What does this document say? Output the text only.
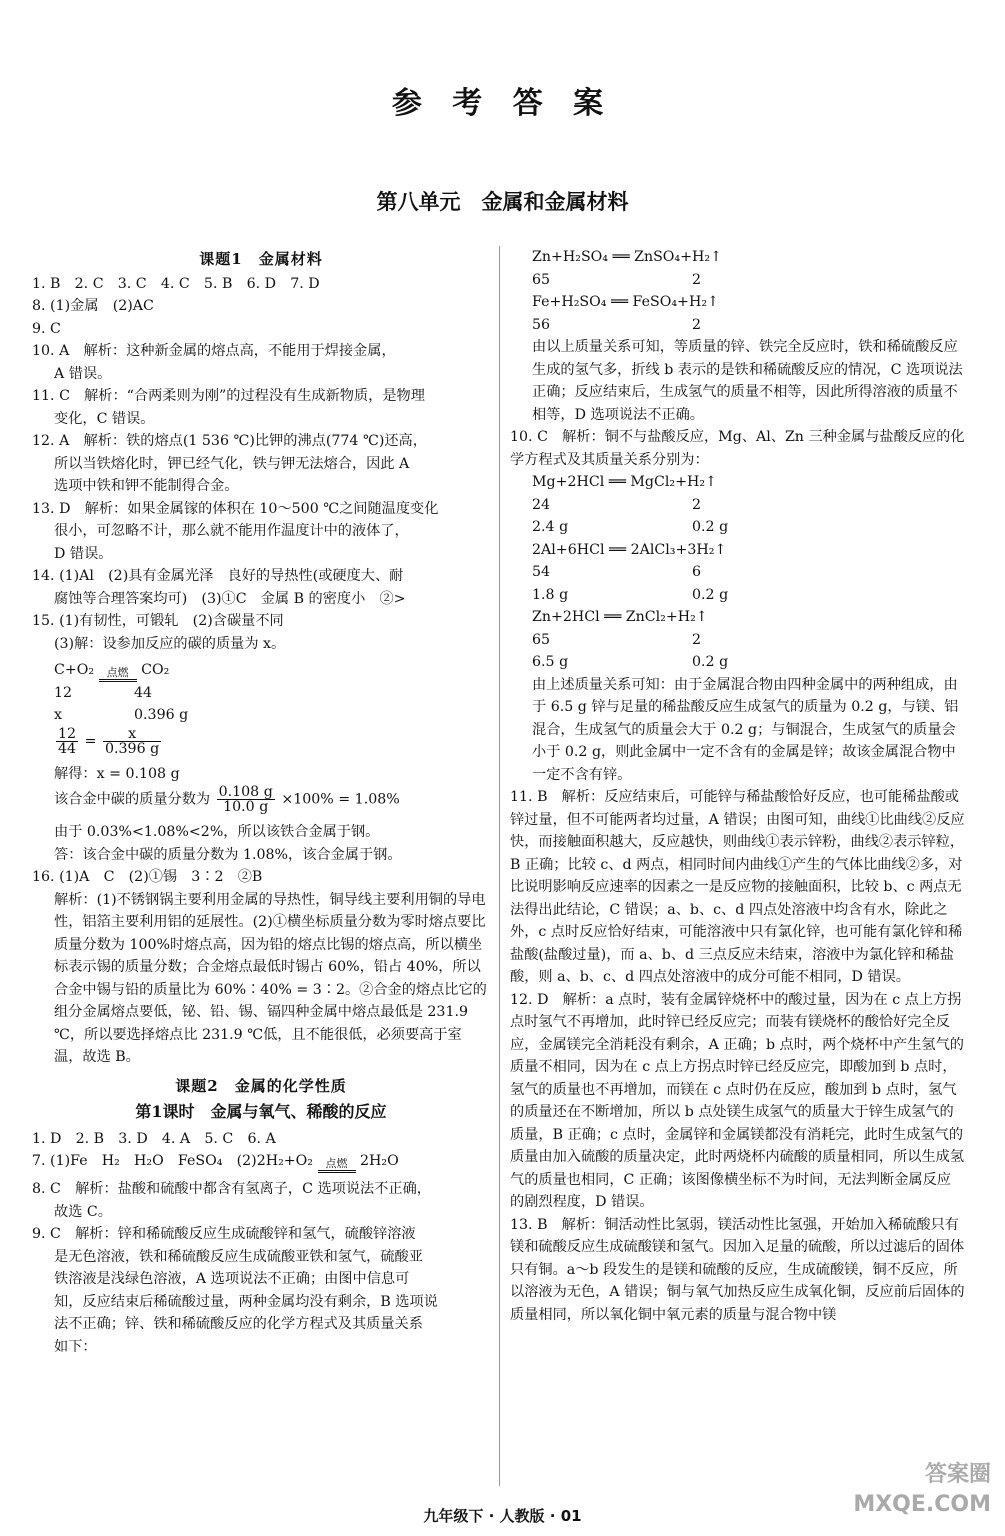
参 考 答 案
第八单元　金属和金属材料
课题1　金属材料
1. B　2. C　3. C　4. C　5. B　6. D　7. D
8. (1)金属　(2)AC
9. C
10. A　解析：这种新金属的熔点高，不能用于焊接金属，
A 错误。
11. C　解析：“合两柔则为刚”的过程没有生成新物质，是物理
变化，C 错误。
12. A　解析：铁的熔点(1 536 ℃)比钾的沸点(774 ℃)还高，
所以当铁熔化时，钾已经气化，铁与钾无法熔合，因此 A
选项中铁和钾不能制得合金。
13. D　解析：如果金属镓的体积在 10～500 ℃之间随温度变化
很小，可忽略不计，那么就不能用作温度计中的液体了，
D 错误。
14. (1)Al　(2)具有金属光泽　良好的导热性(或硬度大、耐
腐蚀等合理答案均可)　(3)①C　金属 B 的密度小　②>
15. (1)有韧性，可锻轧　(2)含碳量不同
(3)解：设参加反应的碳的质量为 x。
C+O₂	点燃 CO₂
12	44
x	0.396 g
$\frac{12}{44} = \frac{x}{0.396 g}$
解得：x = 0.108 g
该合金中碳的质量分数为 $\frac{0.108 g}{10.0 g} \times 100\% = 1.08\%$
由于 0.03%<1.08%<2%，所以该铁合金属于钢。
答：该合金中碳的质量分数为 1.08%，该合金属于钢。
16. (1)A　C　(2)①锡　3∶2　②B
解析：(1)不锈钢锅主要利用金属的导热性，铜导线主要利用铜的导电性，铝箔主要利用铝的延展性。(2)①横坐标质量分数为零时熔点要比质量分数为 100%时熔点高，因为铅的熔点比锡的熔点高，所以横坐标表示锡的质量分数；合金熔点最低时锡占 60%，铅占 40%，所以合金中锡与铅的质量比为 60%∶40% = 3∶2。②合金的熔点比它的组分金属熔点要低，铋、铅、锡、镉四种金属中熔点最低是 231.9 ℃，所以要选择熔点比 231.9 ℃低，且不能很低，必须要高于室温，故选 B。
课题2　金属的化学性质
第1课时　金属与氧气、稀酸的反应
1. D　2. B　3. D　4. A　5. C　6. A
7. (1)Fe　H₂　H₂O　FeSO₄　(2)2H₂+O₂	点燃 2H₂O
8. C　解析：盐酸和硫酸中都含有氢离子，C 选项说法不正确，
故选 C。
9. C　解析：锌和稀硫酸反应生成硫酸锌和氢气，硫酸锌溶液
是无色溶液，铁和稀硫酸反应生成硫酸亚铁和氢气，硫酸亚
铁溶液是浅绿色溶液，A 选项说法不正确；由图中信息可
知，反应结束后稀硫酸过量，两种金属均没有剩余，B 选项说
法不正确；锌、铁和稀硫酸反应的化学方程式及其质量关系
如下：
Zn+H₂SO₄ ══ ZnSO₄+H₂↑
65	2
Fe+H₂SO₄ ══ FeSO₄+H₂↑
56	2
由以上质量关系可知，等质量的锌、铁完全反应时，铁和稀硫酸反应生成的氢气多，折线 b 表示的是铁和稀硫酸反应的情况，C 选项说法正确；反应结束后，生成氢气的质量不相等，因此所得溶液的质量不相等，D 选项说法不正确。
10. C　解析：铜不与盐酸反应，Mg、Al、Zn 三种金属与盐酸反应的化学方程式及其质量关系分别为：
Mg+2HCl ══ MgCl₂+H₂↑
24	2
2.4 g	0.2 g
2Al+6HCl ══ 2AlCl₃+3H₂↑
54	6
1.8 g	0.2 g
Zn+2HCl ══ ZnCl₂+H₂↑
65	2
6.5 g	0.2 g
由上述质量关系可知：由于金属混合物由四种金属中的两种组成，由于 6.5 g 锌与足量的稀盐酸反应生成氢气的质量为 0.2 g，与镁、铝混合，生成氢气的质量会大于 0.2 g；与铜混合，生成氢气的质量会小于 0.2 g，则此金属中一定不含有的金属是锌；故该金属混合物中一定不含有锌。
11. B　解析：反应结束后，可能锌与稀盐酸恰好反应，也可能稀盐酸或锌过量，但不可能两者均过量，A 错误；由图可知，曲线①比曲线②反应快，而接触面积越大，反应越快，则曲线①表示锌粉，曲线②表示锌粒，B 正确；比较 c、d 两点，相同时间内曲线①产生的气体比曲线②多，对比说明影响反应速率的因素之一是反应物的接触面积，比较 b、c 两点无法得出此结论，C 错误；a、b、c、d 四点处溶液中均含有水，除此之外，c 点时反应恰好结束，可能溶液中只有氯化锌，也可能有氯化锌和稀盐酸(盐酸过量)，而 a、b、d 三点反应未结束，溶液中为氯化锌和稀盐酸，则 a、b、c、d 四点处溶液中的成分可能不相同，D 错误。
12. D　解析：a 点时，装有金属锌烧杯中的酸过量，因为在 c 点上方拐点时氢气不再增加，此时锌已经反应完；而装有镁烧杯的酸恰好完全反应，金属镁完全消耗没有剩余，A 正确；b 点时，两个烧杯中产生氢气的质量不相同，因为在 c 点上方拐点时锌已经反应完，即酸加到 b 点时，氢气的质量也不再增加，而镁在 c 点时仍在反应，酸加到 b 点时，氢气的质量还在不断增加，所以 b 点处镁生成氢气的质量大于锌生成氢气的质量，B 正确；c 点时，金属锌和金属镁都没有消耗完，此时生成氢气的质量由加入硫酸的质量决定，此时两烧杯内硫酸的质量相同，所以生成氢气的质量也相同，C 正确；该图像横坐标不为时间，无法判断金属反应的剧烈程度，D 错误。
13. B　解析：铜活动性比氢弱，镁活动性比氢强，开始加入稀硫酸只有镁和硫酸反应生成硫酸镁和氢气。因加入足量的硫酸，所以过滤后的固体只有铜。a～b 段发生的是镁和硫酸的反应，生成硫酸镁，铜不反应，所以溶液为无色，A 错误；铜与氧气加热反应生成氧化铜，反应前后固体的质量相同，所以氧化铜中氧元素的质量与混合物中镁
九年级下 · 人教版 · 01
答案圈 MXQE.COM
